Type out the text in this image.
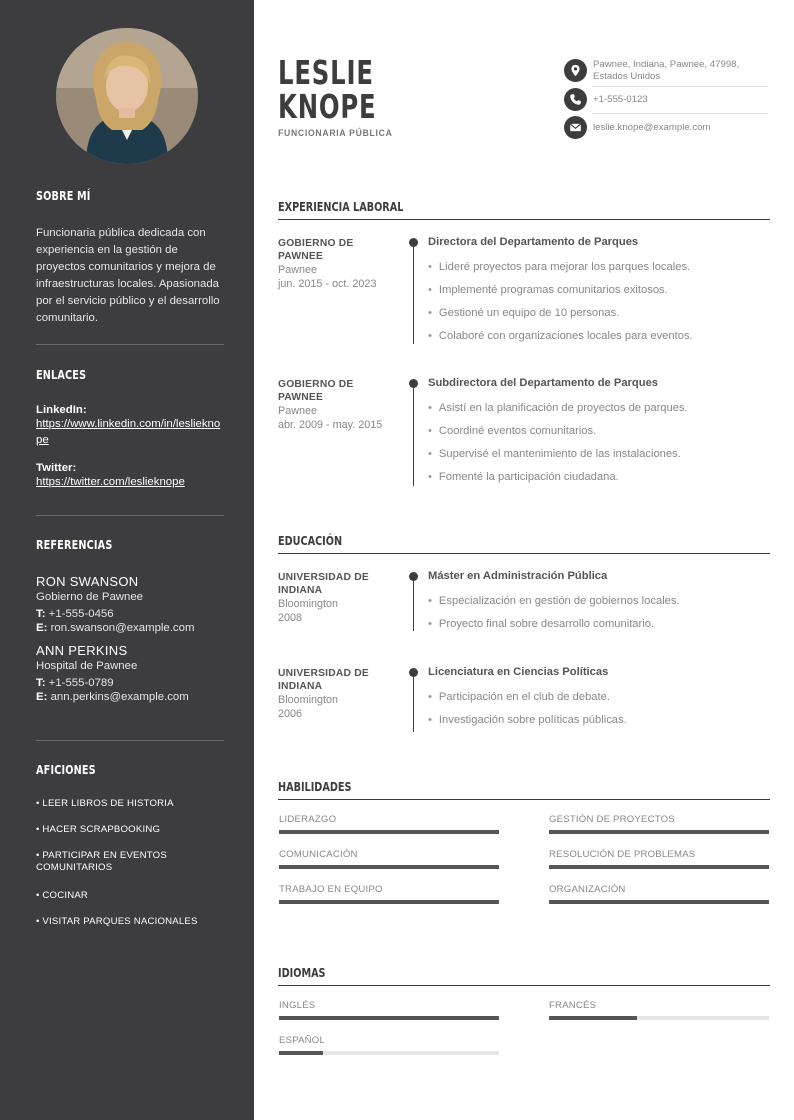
SOBRE MÍ
Funcionaria pública dedicada con experiencia en la gestión de proyectos comunitarios y mejora de infraestructuras locales. Apasionada por el servicio público y el desarrollo comunitario.
ENLACES
LinkedIn:
https://www.linkedin.com/in/leslieknope
Twitter:
https://twitter.com/leslieknope
REFERENCIAS
RON SWANSON
Gobierno de Pawnee
T: +1-555-0456
E: ron.swanson@example.com
ANN PERKINS
Hospital de Pawnee
T: +1-555-0789
E: ann.perkins@example.com
AFICIONES
• LEER LIBROS DE HISTORIA
• HACER SCRAPBOOKING
• PARTICIPAR EN EVENTOS COMUNITARIOS
• COCINAR
• VISITAR PARQUES NACIONALES
LESLIE
KNOPE
FUNCIONARIA PÚBLICA
Pawnee, Indiana, Pawnee, 47998,
Estados Unidos
+1-555-0123
leslie.knope@example.com
EXPERIENCIA LABORAL
GOBIERNO DE PAWNEE
Pawnee
jun. 2015 - oct. 2023
Directora del Departamento de Parques
• Lideré proyectos para mejorar los parques locales.
• Implementé programas comunitarios exitosos.
• Gestioné un equipo de 10 personas.
• Colaboré con organizaciones locales para eventos.
GOBIERNO DE PAWNEE
Pawnee
abr. 2009 - may. 2015
Subdirectora del Departamento de Parques
• Asistí en la planificación de proyectos de parques.
• Coordiné eventos comunitarios.
• Supervisé el mantenimiento de las instalaciones.
• Fomenté la participación ciudadana.
EDUCACIÓN
UNIVERSIDAD DE INDIANA
Bloomington
2008
Máster en Administración Pública
• Especialización en gestión de gobiernos locales.
• Proyecto final sobre desarrollo comunitario.
UNIVERSIDAD DE INDIANA
Bloomington
2006
Licenciatura en Ciencias Políticas
• Participación en el club de debate.
• Investigación sobre políticas públicas.
HABILIDADES
LIDERAZGO	GESTIÓN DE PROYECTOS
COMUNICACIÓN	RESOLUCIÓN DE PROBLEMAS
TRABAJO EN EQUIPO	ORGANIZACIÓN
IDIOMAS
INGLÉS	FRANCÉS
ESPAÑOL
